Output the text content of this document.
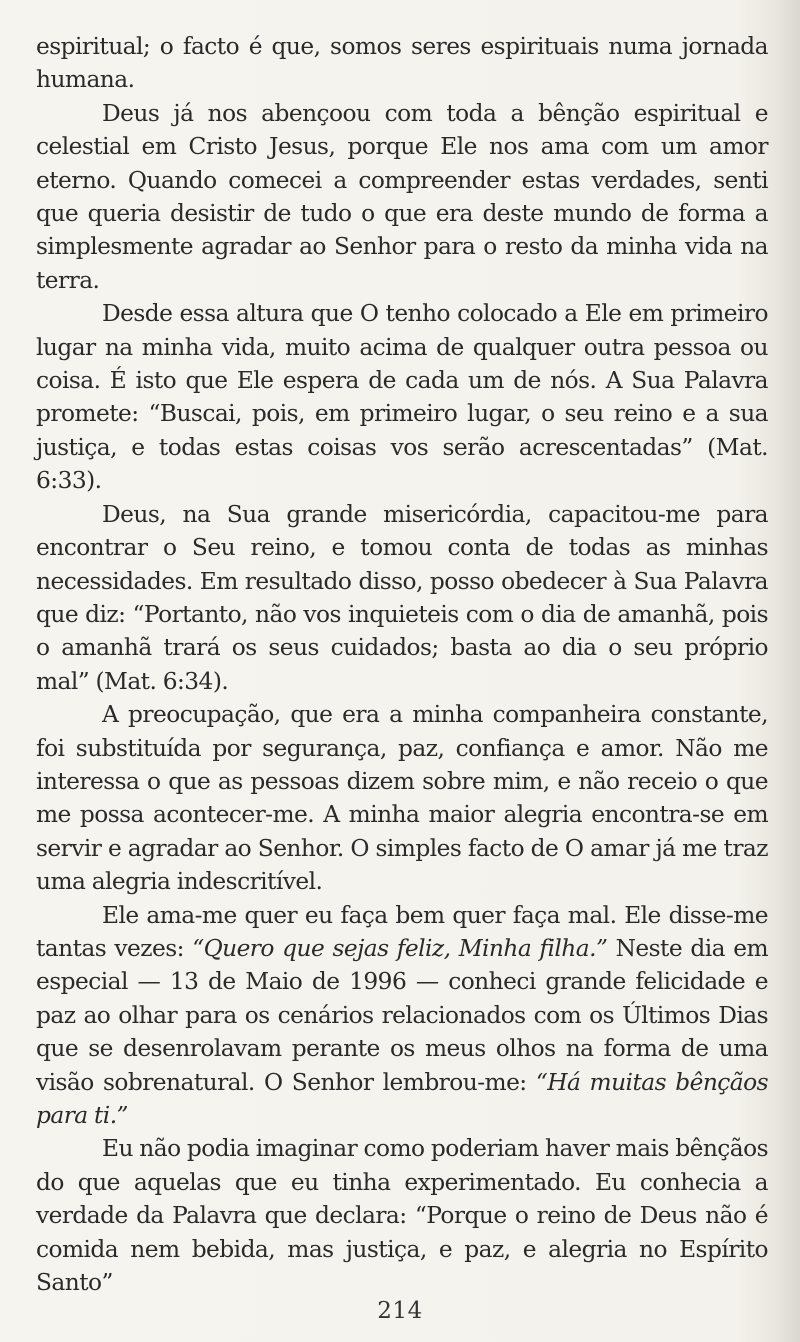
espiritual; o facto é que, somos seres espirituais numa jornada humana.

Deus já nos abençoou com toda a bênção espiritual e celestial em Cristo Jesus, porque Ele nos ama com um amor eterno. Quando comecei a compreender estas verdades, senti que queria desistir de tudo o que era deste mundo de forma a simplesmente agradar ao Senhor para o resto da minha vida na terra.

Desde essa altura que O tenho colocado a Ele em primeiro lugar na minha vida, muito acima de qualquer outra pessoa ou coisa. É isto que Ele espera de cada um de nós. A Sua Palavra promete: “Buscai, pois, em primeiro lugar, o seu reino e a sua justiça, e todas estas coisas vos serão acrescentadas” (Mat. 6:33).

Deus, na Sua grande misericórdia, capacitou-me para encontrar o Seu reino, e tomou conta de todas as minhas necessidades. Em resultado disso, posso obedecer à Sua Palavra que diz: “Portanto, não vos inquieteis com o dia de amanhã, pois o amanhã trará os seus cuidados; basta ao dia o seu próprio mal” (Mat. 6:34).

A preocupação, que era a minha companheira constante, foi substituída por segurança, paz, confiança e amor. Não me interessa o que as pessoas dizem sobre mim, e não receio o que me possa acontecer-me. A minha maior alegria encontra-se em servir e agradar ao Senhor. O simples facto de O amar já me traz uma alegria indescritível.

Ele ama-me quer eu faça bem quer faça mal. Ele disse-me tantas vezes: “Quero que sejas feliz, Minha filha.” Neste dia em especial — 13 de Maio de 1996 — conheci grande felicidade e paz ao olhar para os cenários relacionados com os Últimos Dias que se desenrolavam perante os meus olhos na forma de uma visão sobrenatural. O Senhor lembrou-me: “Há muitas bênçãos para ti.”

Eu não podia imaginar como poderiam haver mais bênçãos do que aquelas que eu tinha experimentado. Eu conhecia a verdade da Palavra que declara: “Porque o reino de Deus não é comida nem bebida, mas justiça, e paz, e alegria no Espírito Santo”

214
